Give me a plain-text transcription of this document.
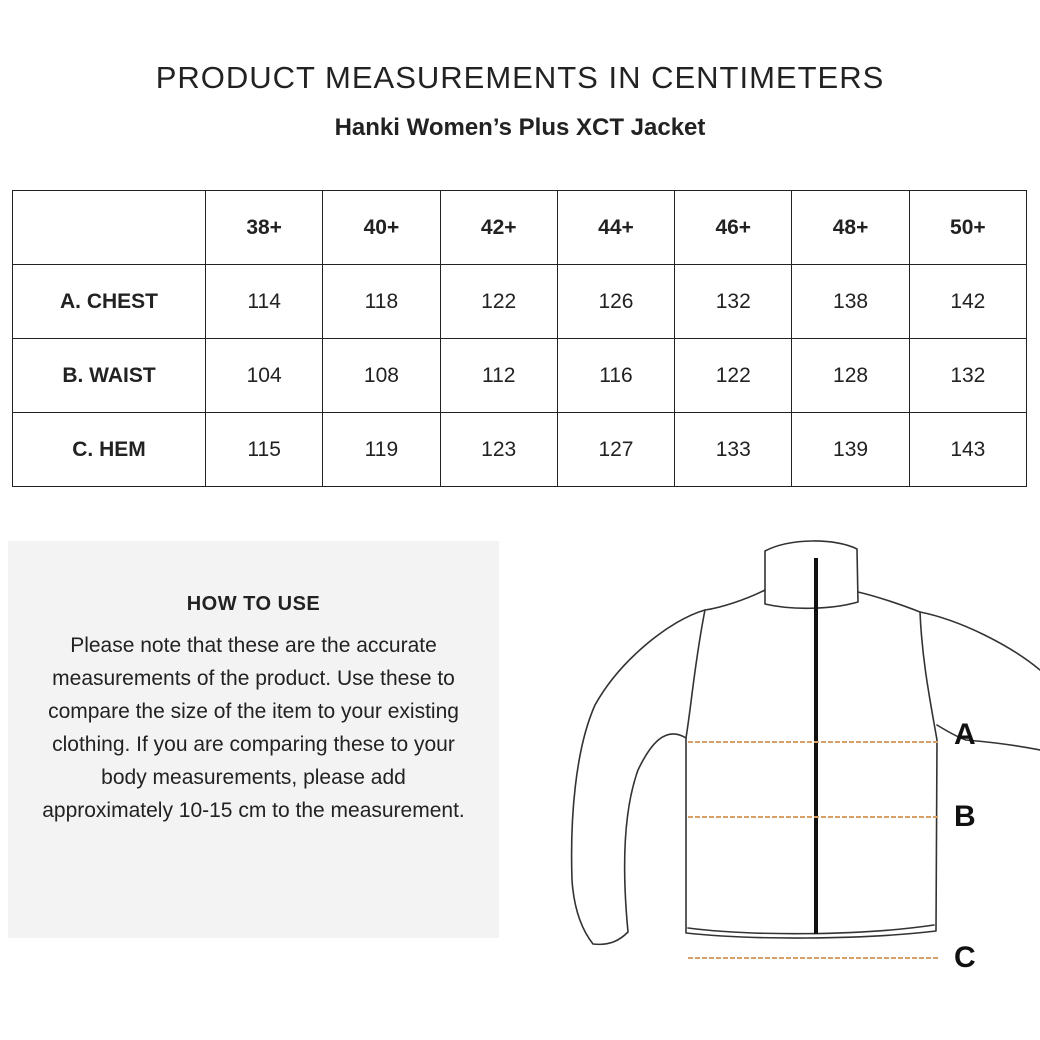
PRODUCT MEASUREMENTS IN CENTIMETERS
Hanki Women’s Plus XCT Jacket
	38+	40+	42+	44+	46+	48+	50+
A. CHEST	114	118	122	126	132	138	142
B. WAIST	104	108	112	116	122	128	132
C. HEM	115	119	123	127	133	139	143
HOW TO USE
Please note that these are the accurate measurements of the product. Use these to compare the size of the item to your existing clothing. If you are comparing these to your body measurements, please add approximately 10-15 cm to the measurement.
A
B
C
